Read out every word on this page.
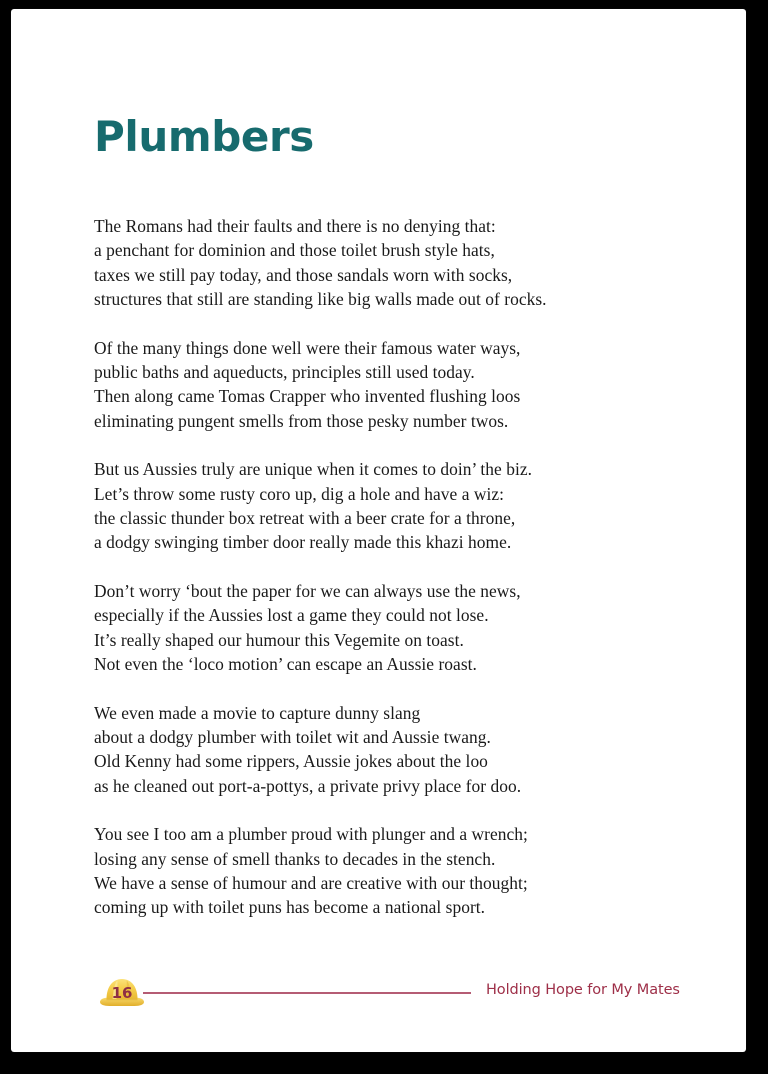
Plumbers

The Romans had their faults and there is no denying that:
a penchant for dominion and those toilet brush style hats,
taxes we still pay today, and those sandals worn with socks,
structures that still are standing like big walls made out of rocks.

Of the many things done well were their famous water ways,
public baths and aqueducts, principles still used today.
Then along came Tomas Crapper who invented flushing loos
eliminating pungent smells from those pesky number twos.

But us Aussies truly are unique when it comes to doin’ the biz.
Let’s throw some rusty coro up, dig a hole and have a wiz:
the classic thunder box retreat with a beer crate for a throne,
a dodgy swinging timber door really made this khazi home.

Don’t worry ‘bout the paper for we can always use the news,
especially if the Aussies lost a game they could not lose.
It’s really shaped our humour this Vegemite on toast.
Not even the ‘loco motion’ can escape an Aussie roast.

We even made a movie to capture dunny slang
about a dodgy plumber with toilet wit and Aussie twang.
Old Kenny had some rippers, Aussie jokes about the loo
as he cleaned out port-a-pottys, a private privy place for doo.

You see I too am a plumber proud with plunger and a wrench;
losing any sense of smell thanks to decades in the stench.
We have a sense of humour and are creative with our thought;
coming up with toilet puns has become a national sport.

16	Holding Hope for My Mates
